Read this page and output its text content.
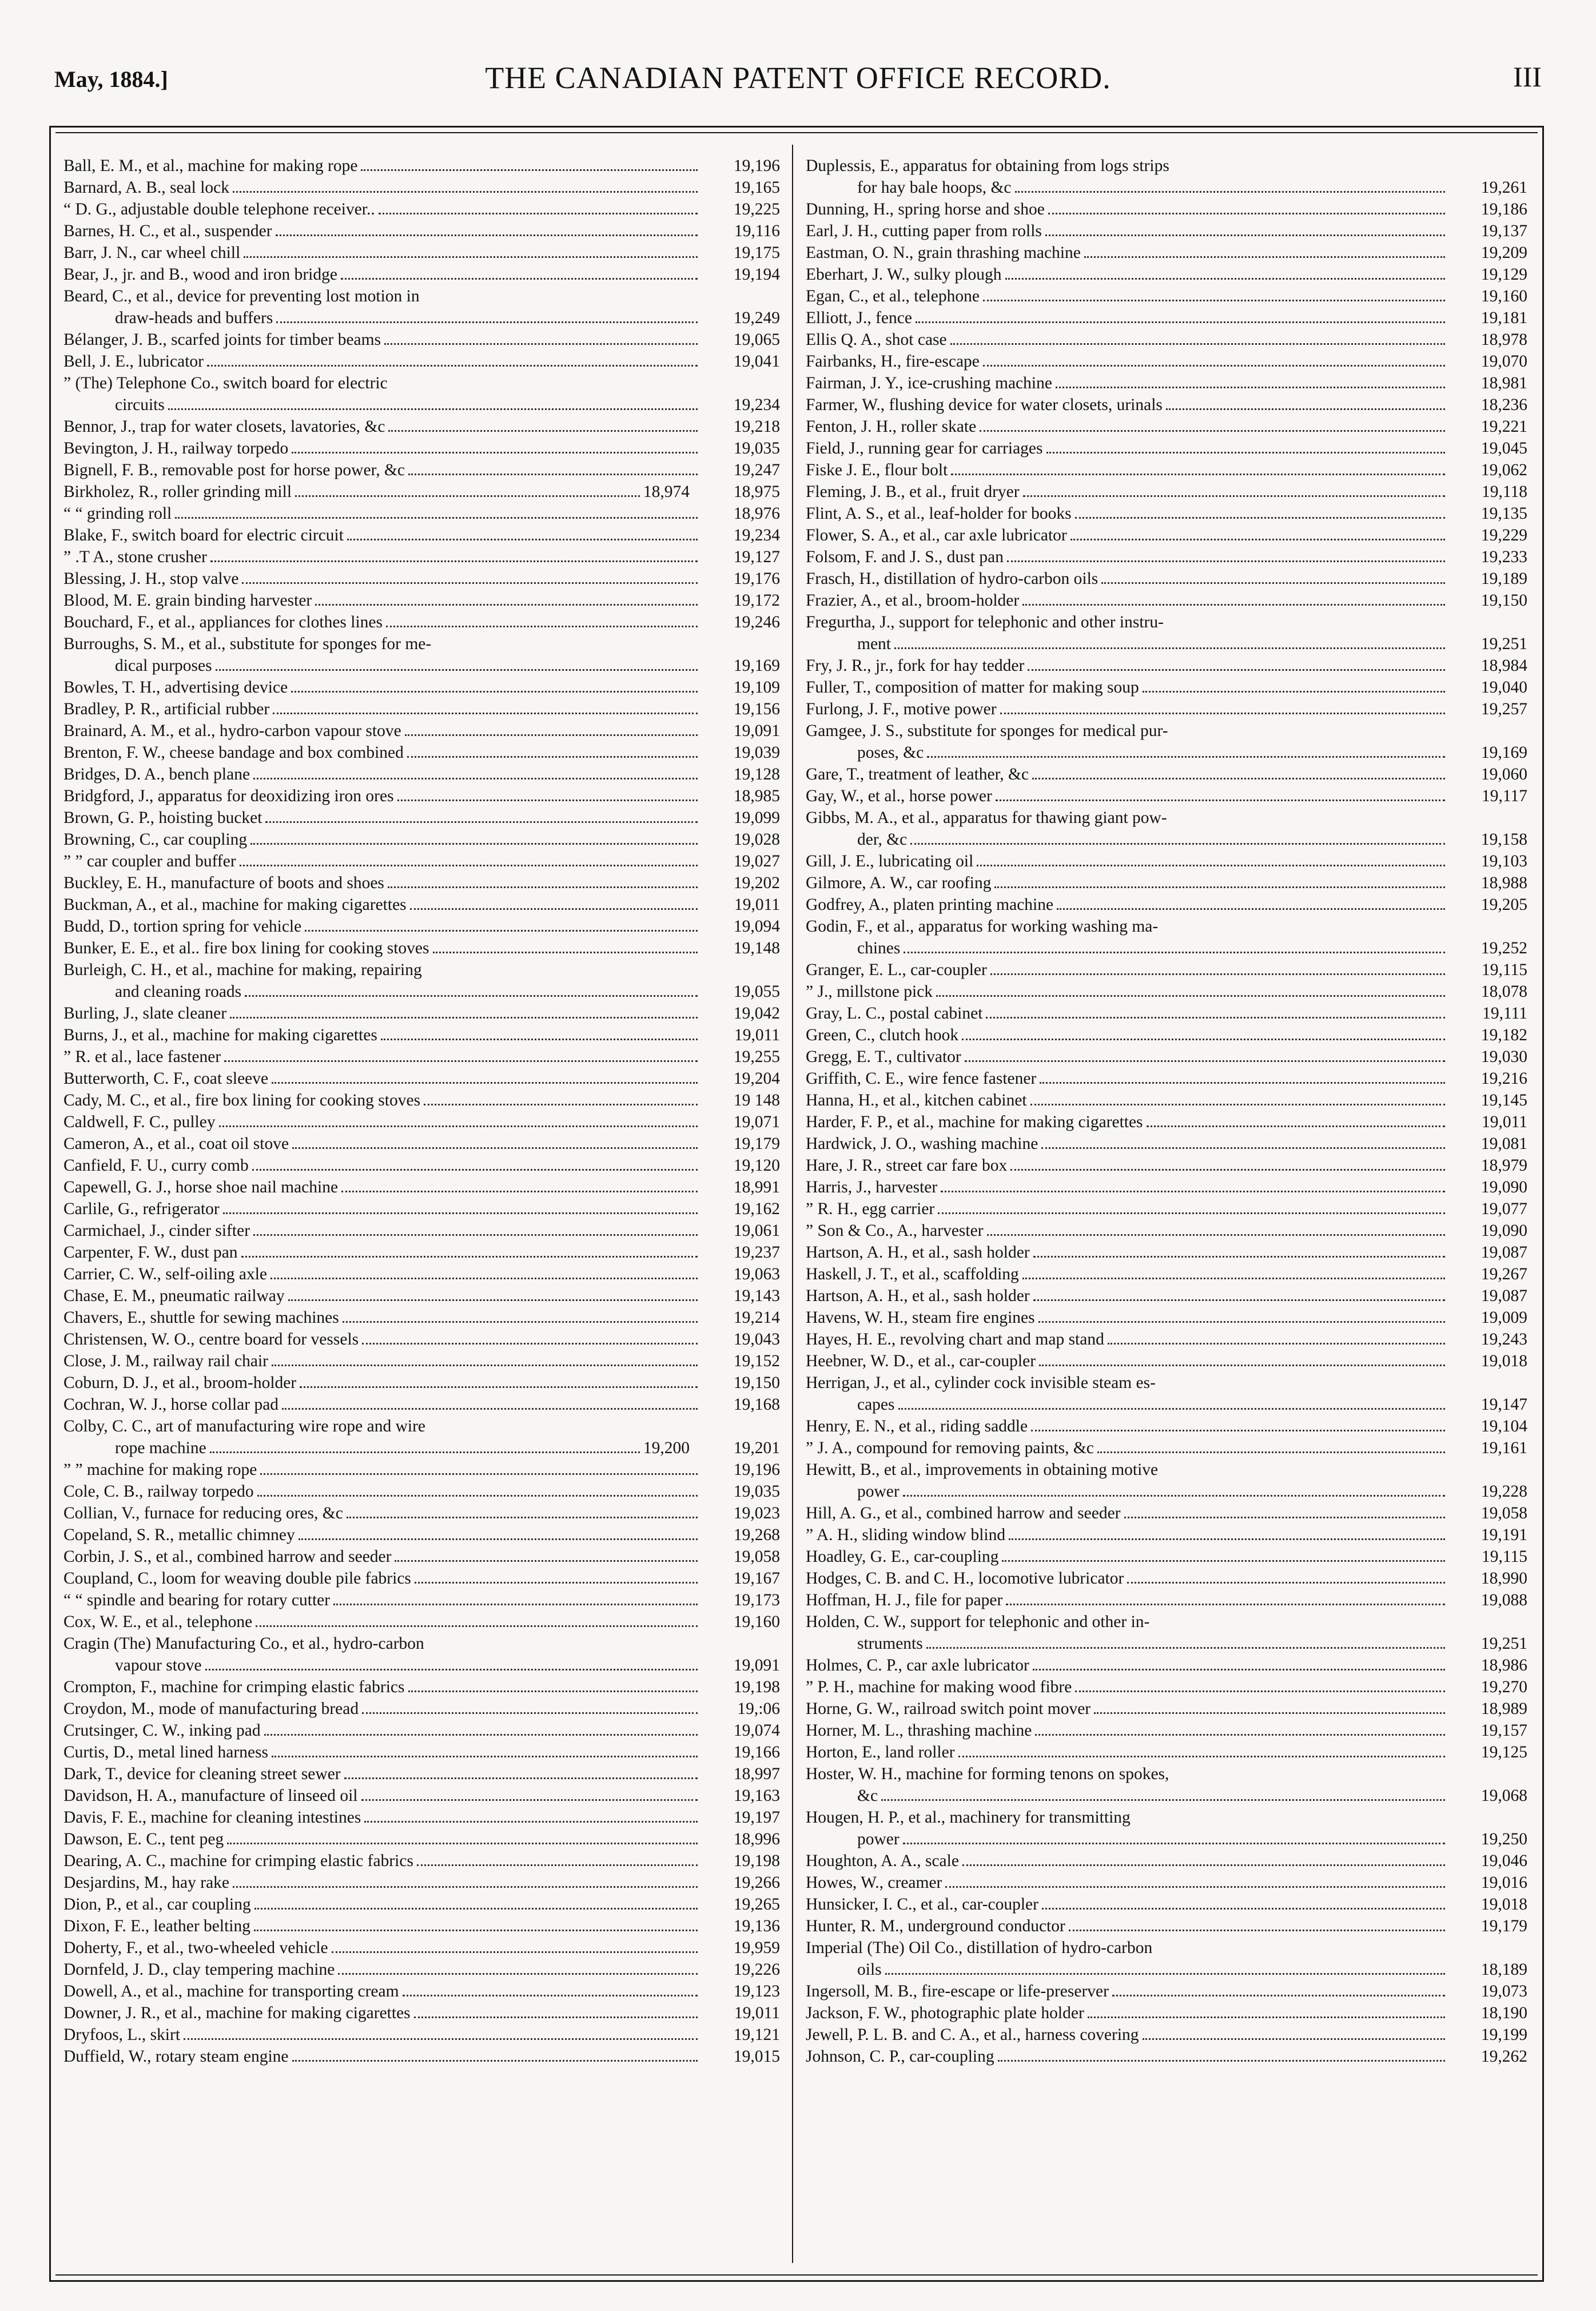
May, 1884.]	THE CANADIAN PATENT OFFICE RECORD.	III
Ball, E. M., et al., machine for making rope	19,196
Barnard, A. B., seal lock	19,165
“ D. G., adjustable double telephone receiver..	19,225
Barnes, H. C., et al., suspender	19,116
Barr, J. N., car wheel chill	19,175
Bear, J., jr. and B., wood and iron bridge	19,194
Beard, C., et al., device for preventing lost motion in
draw-heads and buffers	19,249
Bélanger, J. B., scarfed joints for timber beams	19,065
Bell, J. E., lubricator	19,041
” (The) Telephone Co., switch board for electric
circuits	19,234
Bennor, J., trap for water closets, lavatories, &c	19,218
Bevington, J. H., railway torpedo	19,035
Bignell, F. B., removable post for horse power, &c	19,247
Birkholez, R., roller grinding mill	18,974	18,975
“ “ grinding roll	18,976
Blake, F., switch board for electric circuit	19,234
” .T A., stone crusher	19,127
Blessing, J. H., stop valve	19,176
Blood, M. E. grain binding harvester	19,172
Bouchard, F., et al., appliances for clothes lines	19,246
Burroughs, S. M., et al., substitute for sponges for me-
dical purposes	19,169
Bowles, T. H., advertising device	19,109
Bradley, P. R., artificial rubber	19,156
Brainard, A. M., et al., hydro-carbon vapour stove	19,091
Brenton, F. W., cheese bandage and box combined	19,039
Bridges, D. A., bench plane	19,128
Bridgford, J., apparatus for deoxidizing iron ores	18,985
Brown, G. P., hoisting bucket	19,099
Browning, C., car coupling	19,028
” ” car coupler and buffer	19,027
Buckley, E. H., manufacture of boots and shoes	19,202
Buckman, A., et al., machine for making cigarettes	19,011
Budd, D., tortion spring for vehicle	19,094
Bunker, E. E., et al.. fire box lining for cooking stoves	19,148
Burleigh, C. H., et al., machine for making, repairing
and cleaning roads	19,055
Burling, J., slate cleaner	19,042
Burns, J., et al., machine for making cigarettes	19,011
” R. et al., lace fastener	19,255
Butterworth, C. F., coat sleeve	19,204
Cady, M. C., et al., fire box lining for cooking stoves	19 148
Caldwell, F. C., pulley	19,071
Cameron, A., et al., coat oil stove	19,179
Canfield, F. U., curry comb	19,120
Capewell, G. J., horse shoe nail machine	18,991
Carlile, G., refrigerator	19,162
Carmichael, J., cinder sifter	19,061
Carpenter, F. W., dust pan	19,237
Carrier, C. W., self-oiling axle	19,063
Chase, E. M., pneumatic railway	19,143
Chavers, E., shuttle for sewing machines	19,214
Christensen, W. O., centre board for vessels	19,043
Close, J. M., railway rail chair	19,152
Coburn, D. J., et al., broom-holder	19,150
Cochran, W. J., horse collar pad	19,168
Colby, C. C., art of manufacturing wire rope and wire
rope machine	19,200	19,201
” ” machine for making rope	19,196
Cole, C. B., railway torpedo	19,035
Collian, V., furnace for reducing ores, &c	19,023
Copeland, S. R., metallic chimney	19,268
Corbin, J. S., et al., combined harrow and seeder	19,058
Coupland, C., loom for weaving double pile fabrics	19,167
“ “ spindle and bearing for rotary cutter	19,173
Cox, W. E., et al., telephone	19,160
Cragin (The) Manufacturing Co., et al., hydro-carbon
vapour stove	19,091
Crompton, F., machine for crimping elastic fabrics	19,198
Croydon, M., mode of manufacturing bread	19,:06
Crutsinger, C. W., inking pad	19,074
Curtis, D., metal lined harness	19,166
Dark, T., device for cleaning street sewer	18,997
Davidson, H. A., manufacture of linseed oil	19,163
Davis, F. E., machine for cleaning intestines	19,197
Dawson, E. C., tent peg	18,996
Dearing, A. C., machine for crimping elastic fabrics	19,198
Desjardins, M., hay rake	19,266
Dion, P., et al., car coupling	19,265
Dixon, F. E., leather belting	19,136
Doherty, F., et al., two-wheeled vehicle	19,959
Dornfeld, J. D., clay tempering machine	19,226
Dowell, A., et al., machine for transporting cream	19,123
Downer, J. R., et al., machine for making cigarettes	19,011
Dryfoos, L., skirt	19,121
Duffield, W., rotary steam engine	19,015
Duplessis, E., apparatus for obtaining from logs strips
for hay bale hoops, &c	19,261
Dunning, H., spring horse and shoe	19,186
Earl, J. H., cutting paper from rolls	19,137
Eastman, O. N., grain thrashing machine	19,209
Eberhart, J. W., sulky plough	19,129
Egan, C., et al., telephone	19,160
Elliott, J., fence	19,181
Ellis Q. A., shot case	18,978
Fairbanks, H., fire-escape	19,070
Fairman, J. Y., ice-crushing machine	18,981
Farmer, W., flushing device for water closets, urinals	18,236
Fenton, J. H., roller skate	19,221
Field, J., running gear for carriages	19,045
Fiske J. E., flour bolt	19,062
Fleming, J. B., et al., fruit dryer	19,118
Flint, A. S., et al., leaf-holder for books	19,135
Flower, S. A., et al., car axle lubricator	19,229
Folsom, F. and J. S., dust pan	19,233
Frasch, H., distillation of hydro-carbon oils	19,189
Frazier, A., et al., broom-holder	19,150
Fregurtha, J., support for telephonic and other instru-
ment	19,251
Fry, J. R., jr., fork for hay tedder	18,984
Fuller, T., composition of matter for making soup	19,040
Furlong, J. F., motive power	19,257
Gamgee, J. S., substitute for sponges for medical pur-
poses, &c	19,169
Gare, T., treatment of leather, &c	19,060
Gay, W., et al., horse power	19,117
Gibbs, M. A., et al., apparatus for thawing giant pow-
der, &c	19,158
Gill, J. E., lubricating oil	19,103
Gilmore, A. W., car roofing	18,988
Godfrey, A., platen printing machine	19,205
Godin, F., et al., apparatus for working washing ma-
chines	19,252
Granger, E. L., car-coupler	19,115
” J., millstone pick	18,078
Gray, L. C., postal cabinet	19,111
Green, C., clutch hook	19,182
Gregg, E. T., cultivator	19,030
Griffith, C. E., wire fence fastener	19,216
Hanna, H., et al., kitchen cabinet	19,145
Harder, F. P., et al., machine for making cigarettes	19,011
Hardwick, J. O., washing machine	19,081
Hare, J. R., street car fare box	18,979
Harris, J., harvester	19,090
” R. H., egg carrier	19,077
” Son & Co., A., harvester	19,090
Hartson, A. H., et al., sash holder	19,087
Haskell, J. T., et al., scaffolding	19,267
Hartson, A. H., et al., sash holder	19,087
Havens, W. H., steam fire engines	19,009
Hayes, H. E., revolving chart and map stand	19,243
Heebner, W. D., et al., car-coupler	19,018
Herrigan, J., et al., cylinder cock invisible steam es-
capes	19,147
Henry, E. N., et al., riding saddle	19,104
” J. A., compound for removing paints, &c	19,161
Hewitt, B., et al., improvements in obtaining motive
power	19,228
Hill, A. G., et al., combined harrow and seeder	19,058
” A. H., sliding window blind	19,191
Hoadley, G. E., car-coupling	19,115
Hodges, C. B. and C. H., locomotive lubricator	18,990
Hoffman, H. J., file for paper	19,088
Holden, C. W., support for telephonic and other in-
struments	19,251
Holmes, C. P., car axle lubricator	18,986
” P. H., machine for making wood fibre	19,270
Horne, G. W., railroad switch point mover	18,989
Horner, M. L., thrashing machine	19,157
Horton, E., land roller	19,125
Hoster, W. H., machine for forming tenons on spokes,
&c	19,068
Hougen, H. P., et al., machinery for transmitting
power	19,250
Houghton, A. A., scale	19,046
Howes, W., creamer	19,016
Hunsicker, I. C., et al., car-coupler	19,018
Hunter, R. M., underground conductor	19,179
Imperial (The) Oil Co., distillation of hydro-carbon
oils	18,189
Ingersoll, M. B., fire-escape or life-preserver	19,073
Jackson, F. W., photographic plate holder	18,190
Jewell, P. L. B. and C. A., et al., harness covering	19,199
Johnson, C. P., car-coupling	19,262
